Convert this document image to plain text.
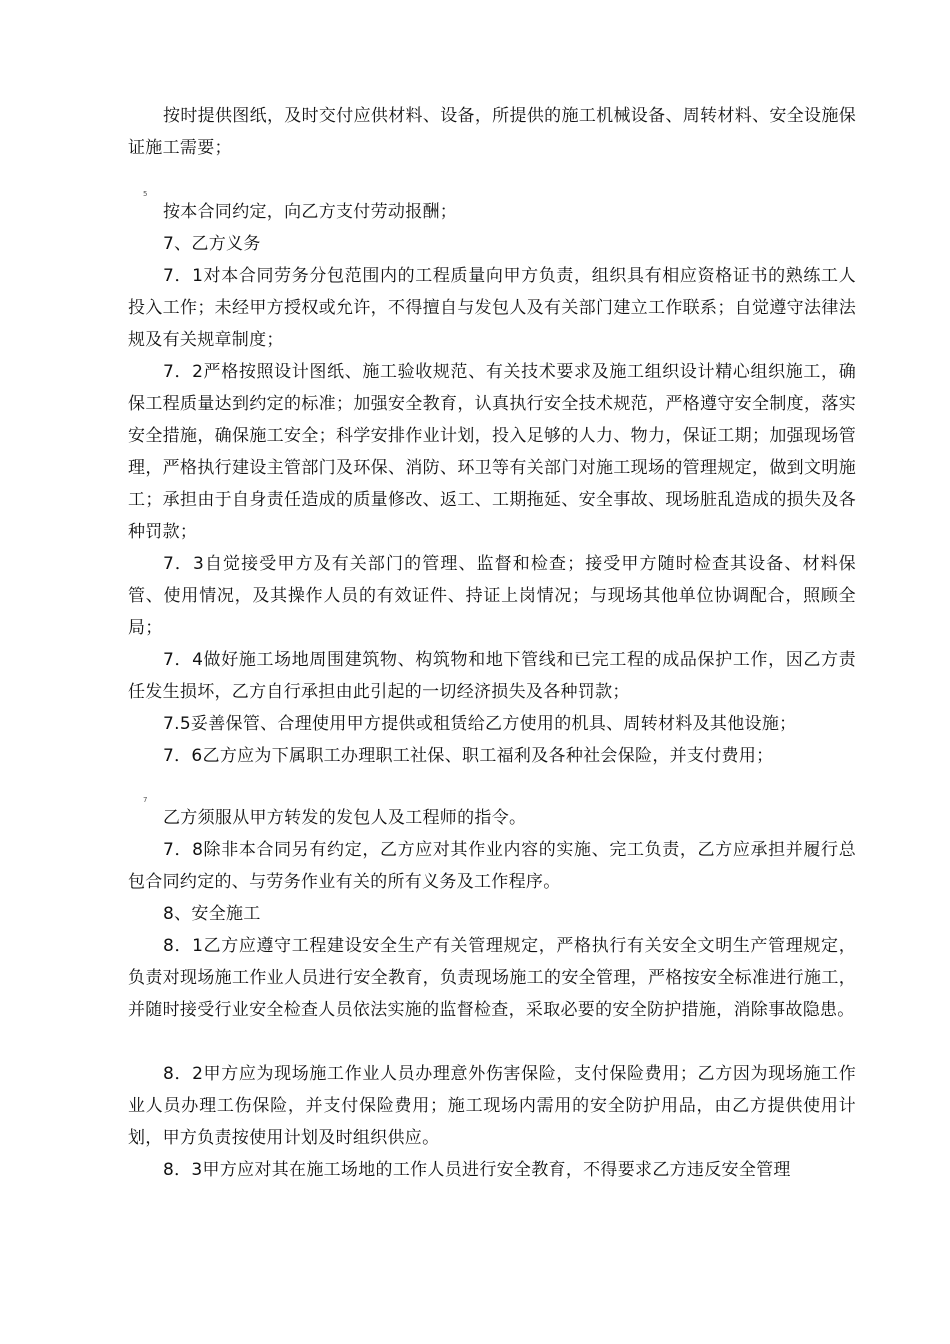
按时提供图纸，及时交付应供材料、设备，所提供的施工机械设备、周转材料、安全设施保证施工需要；
5
按本合同约定，向乙方支付劳动报酬；
7、乙方义务
7．1对本合同劳务分包范围内的工程质量向甲方负责，组织具有相应资格证书的熟练工人投入工作；未经甲方授权或允许，不得擅自与发包人及有关部门建立工作联系；自觉遵守法律法规及有关规章制度；
7．2严格按照设计图纸、施工验收规范、有关技术要求及施工组织设计精心组织施工，确保工程质量达到约定的标准；加强安全教育，认真执行安全技术规范，严格遵守安全制度，落实安全措施，确保施工安全；科学安排作业计划，投入足够的人力、物力，保证工期；加强现场管理，严格执行建设主管部门及环保、消防、环卫等有关部门对施工现场的管理规定，做到文明施工；承担由于自身责任造成的质量修改、返工、工期拖延、安全事故、现场脏乱造成的损失及各种罚款；
7．3自觉接受甲方及有关部门的管理、监督和检查；接受甲方随时检查其设备、材料保管、使用情况，及其操作人员的有效证件、持证上岗情况；与现场其他单位协调配合，照顾全局；
7．4做好施工场地周围建筑物、构筑物和地下管线和已完工程的成品保护工作，因乙方责任发生损坏，乙方自行承担由此引起的一切经济损失及各种罚款；
7.5妥善保管、合理使用甲方提供或租赁给乙方使用的机具、周转材料及其他设施；
7．6乙方应为下属职工办理职工社保、职工福利及各种社会保险，并支付费用；
7
乙方须服从甲方转发的发包人及工程师的指令。
7．8除非本合同另有约定，乙方应对其作业内容的实施、完工负责，乙方应承担并履行总包合同约定的、与劳务作业有关的所有义务及工作程序。
8、安全施工
8．1乙方应遵守工程建设安全生产有关管理规定，严格执行有关安全文明生产管理规定，负责对现场施工作业人员进行安全教育，负责现场施工的安全管理，严格按安全标准进行施工，并随时接受行业安全检查人员依法实施的监督检查，采取必要的安全防护措施，消除事故隐患。
8．2甲方应为现场施工作业人员办理意外伤害保险，支付保险费用；乙方因为现场施工作业人员办理工伤保险，并支付保险费用；施工现场内需用的安全防护用品，由乙方提供使用计划，甲方负责按使用计划及时组织供应。
8．3甲方应对其在施工场地的工作人员进行安全教育，不得要求乙方违反安全管理
